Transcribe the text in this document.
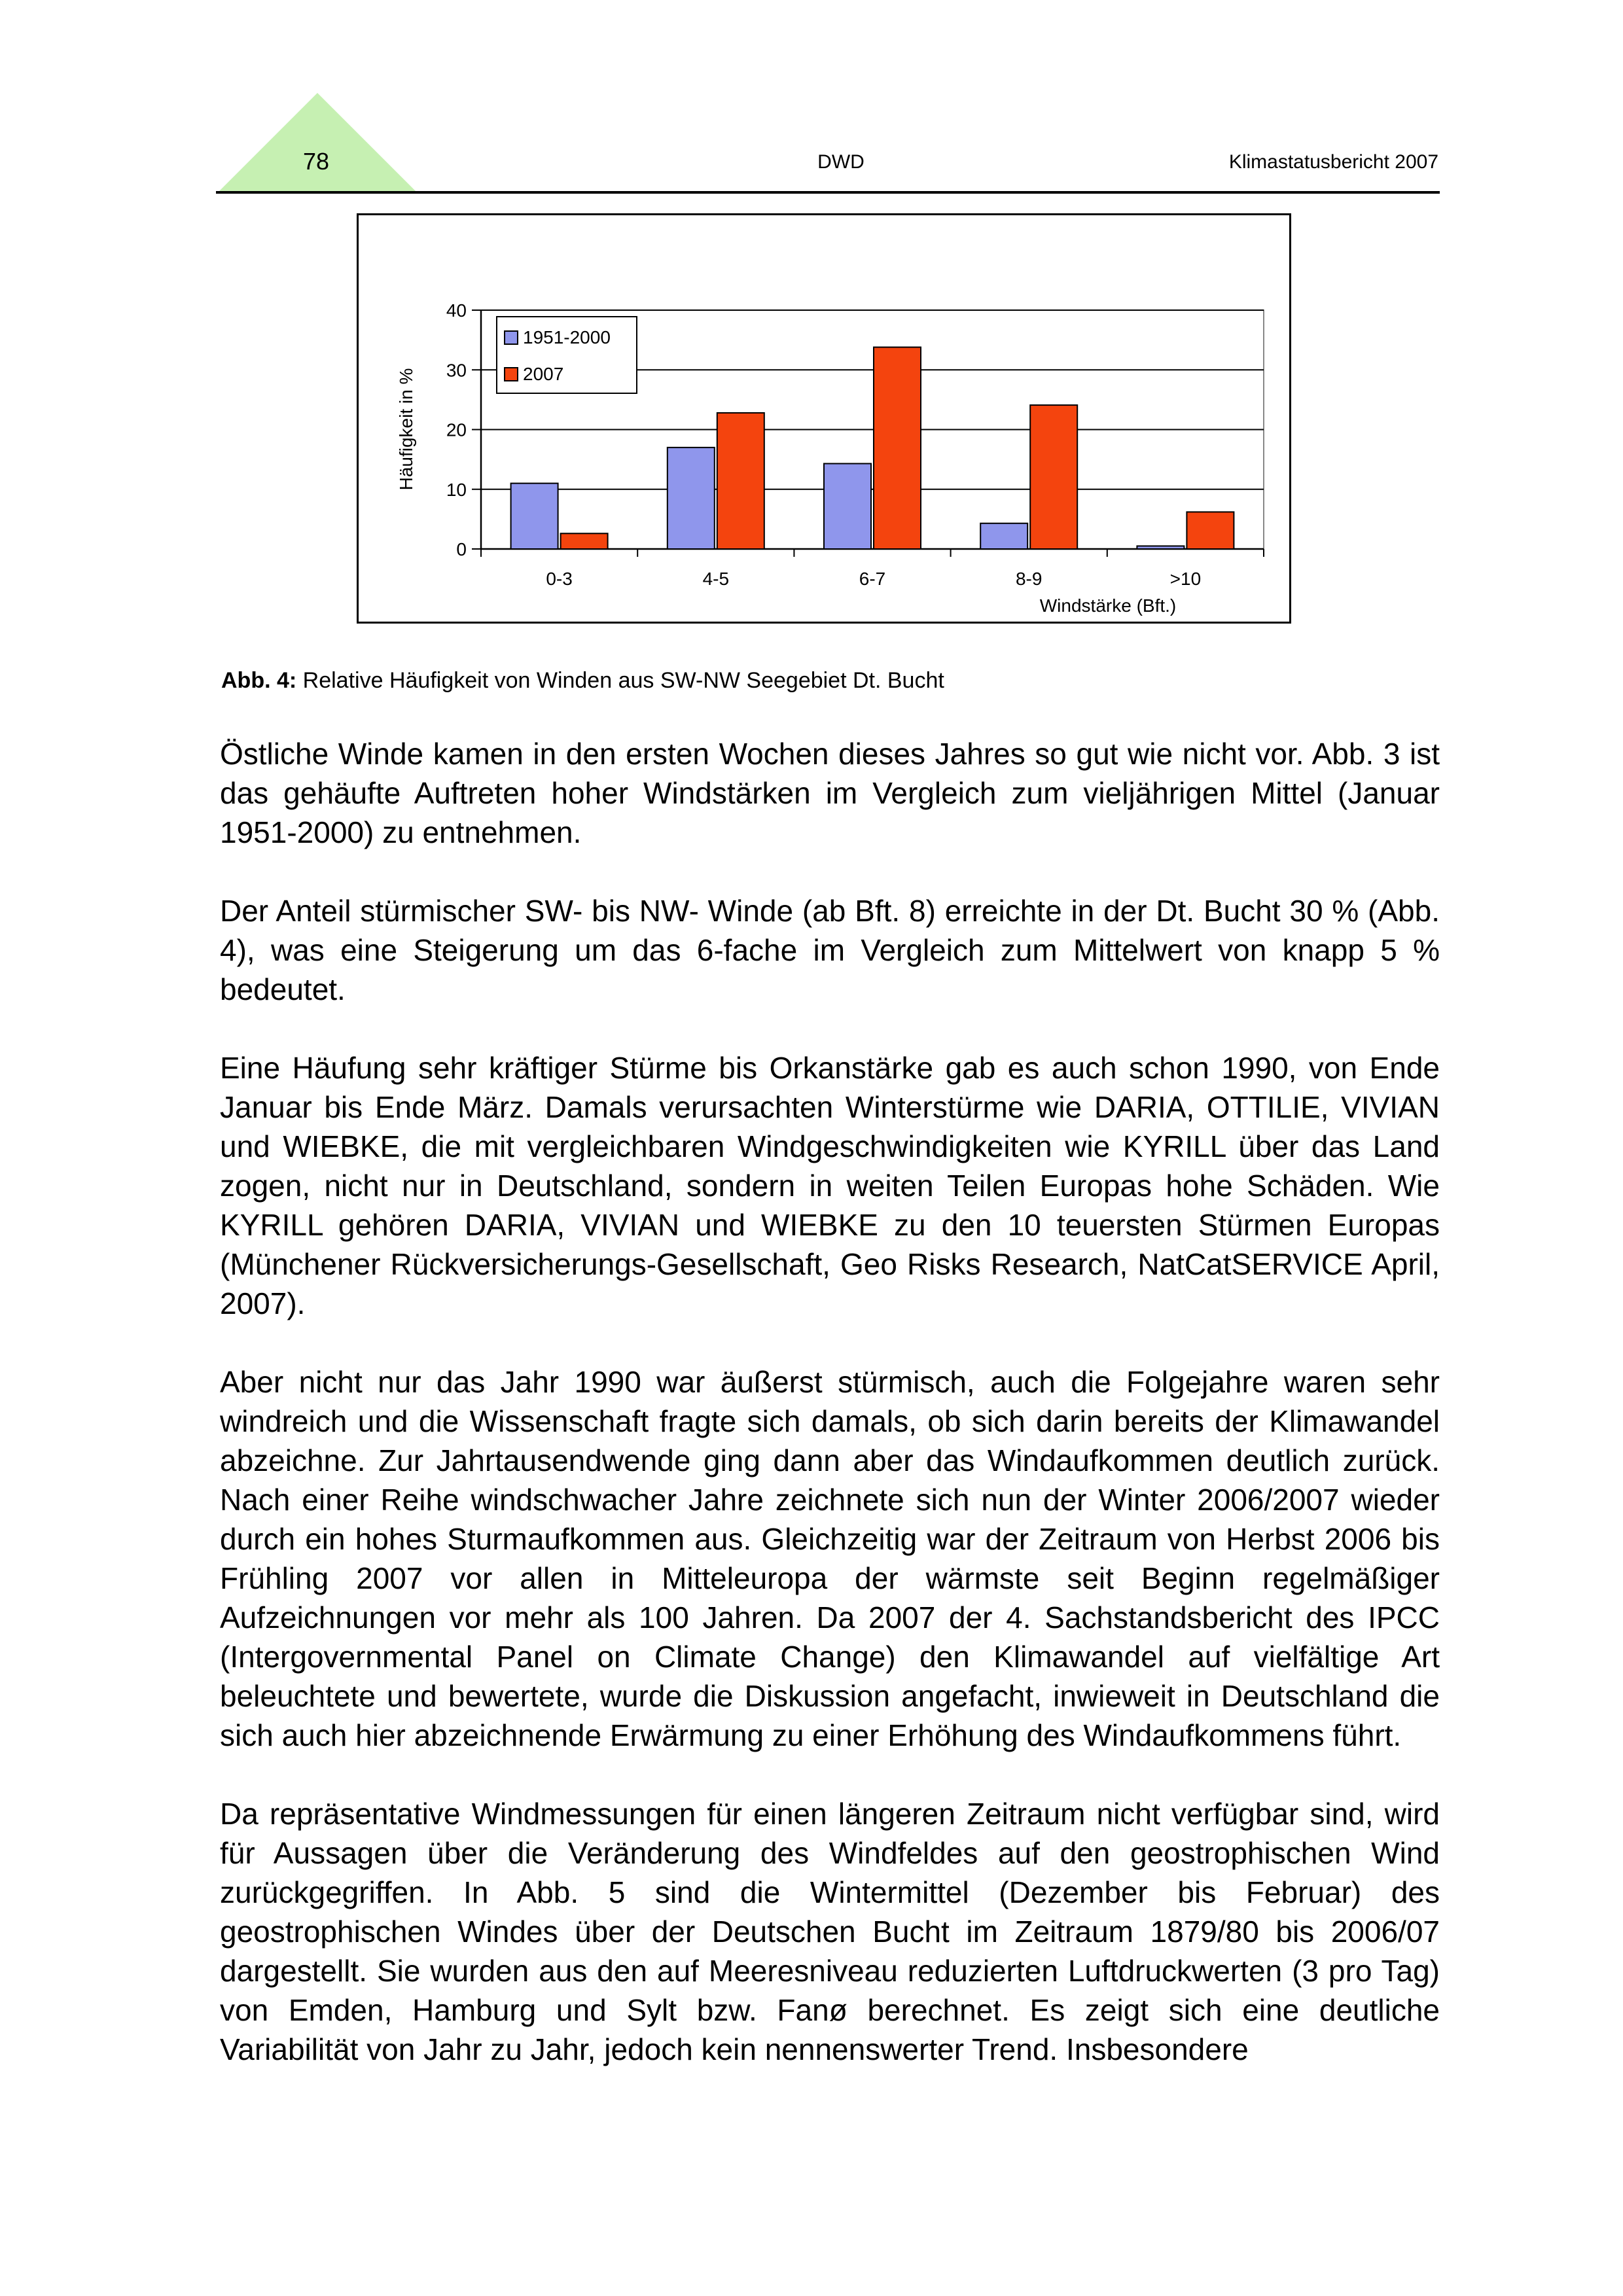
78	DWD	Klimastatusbericht 2007
0
10
20
30
40
0-3	4-5	6-7	8-9	>10
Windstärke (Bft.)
Häufigkeit in %
1951-2000
2007
Abb. 4: Relative Häufigkeit von Winden aus SW-NW Seegebiet Dt. Bucht

Östliche Winde kamen in den ersten Wochen dieses Jahres so gut wie nicht vor. Abb. 3 ist das gehäufte Auftreten hoher Windstärken im Vergleich zum vieljährigen Mittel (Januar 1951-2000) zu entnehmen.

Der Anteil stürmischer SW- bis NW- Winde (ab Bft. 8) erreichte in der Dt. Bucht 30 % (Abb. 4), was eine Steigerung um das 6-fache im Vergleich zum Mittelwert von knapp 5 % bedeutet.

Eine Häufung sehr kräftiger Stürme bis Orkanstärke gab es auch schon 1990, von Ende Januar bis Ende März. Damals verursachten Winterstürme wie DARIA, OTTILIE, VIVIAN und WIEBKE, die mit vergleichbaren Windgeschwindigkeiten wie KYRILL über das Land zogen, nicht nur in Deutschland, sondern in weiten Teilen Europas hohe Schäden. Wie KYRILL gehören DARIA, VIVIAN und WIEBKE zu den 10 teuersten Stürmen Europas (Münchener Rückversicherungs-Gesellschaft, Geo Risks Research, NatCatSERVICE April, 2007).

Aber nicht nur das Jahr 1990 war äußerst stürmisch, auch die Folgejahre waren sehr windreich und die Wissenschaft fragte sich damals, ob sich darin bereits der Klimawandel abzeichne. Zur Jahrtausendwende ging dann aber das Windaufkommen deutlich zurück. Nach einer Reihe windschwacher Jahre zeichnete sich nun der Winter 2006/2007 wieder durch ein hohes Sturmaufkommen aus. Gleichzeitig war der Zeitraum von Herbst 2006 bis Frühling 2007 vor allen in Mitteleuropa der wärmste seit Beginn regelmäßiger Aufzeichnungen vor mehr als 100 Jahren. Da 2007 der 4. Sachstandsbericht des IPCC (Intergovernmental Panel on Climate Change) den Klimawandel auf vielfältige Art beleuchtete und bewertete, wurde die Diskussion angefacht, inwieweit in Deutschland die sich auch hier abzeichnende Erwärmung zu einer Erhöhung des Windaufkommens führt.

Da repräsentative Windmessungen für einen längeren Zeitraum nicht verfügbar sind, wird für Aussagen über die Veränderung des Windfeldes auf den geostrophischen Wind zurückgegriffen. In Abb. 5 sind die Wintermittel (Dezember bis Februar) des geostrophischen Windes über der Deutschen Bucht im Zeitraum 1879/80 bis 2006/07 dargestellt. Sie wurden aus den auf Meeresniveau reduzierten Luftdruckwerten (3 pro Tag) von Emden, Hamburg und Sylt bzw. Fanø berechnet. Es zeigt sich eine deutliche Variabilität von Jahr zu Jahr, jedoch kein nennenswerter Trend. Insbesondere
